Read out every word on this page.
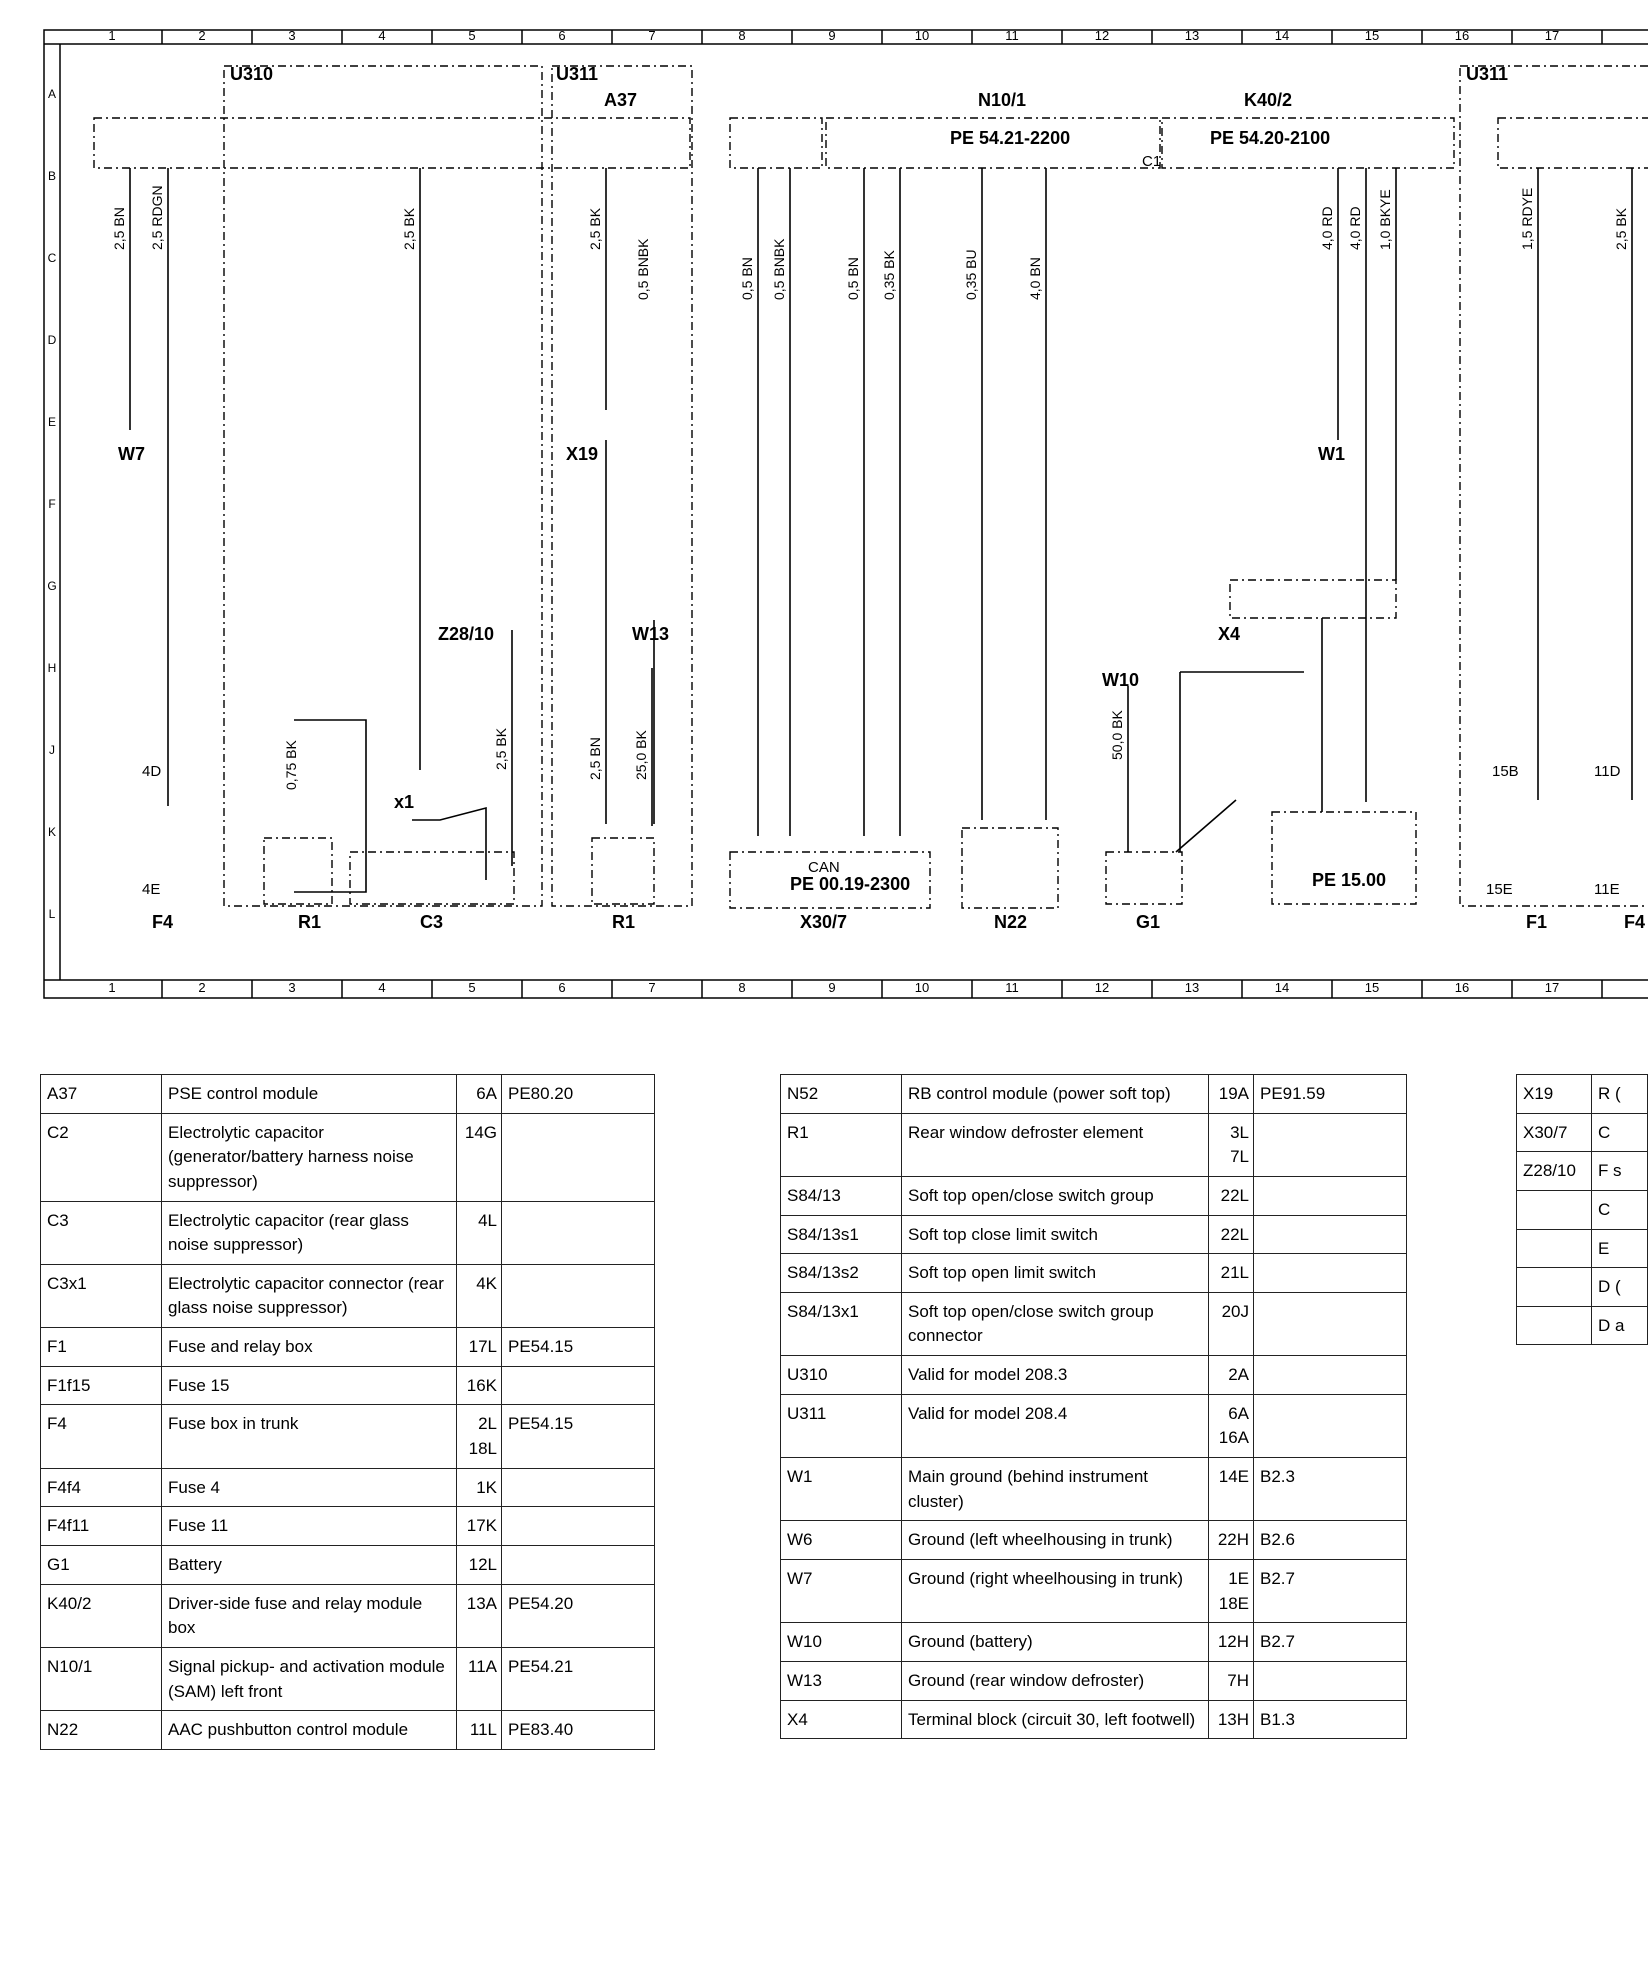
1
1
2
2
3
3
4
4
5
5
6
6
7
7
8
8
9
9
10
10
11
11
12
12
13
13
14
14
15
15
16
16
17
17
A
B
C
D
E
F
G
H
J
K
L
U310	U311	U311
A37	N10/1	K40/2
PE 54.21-2200	PE 54.20-2100
W7	W1
X19
Z28/10	W13
W10
X4
x1
F4	F4
F1
R1	R1
C3	X30/7	N22	G1
PE 15.00
PE 00.19-2300
CAN
C1
4D
4E
15B
15E
11D
11E
2,5 BN 2,5 RDGN	2,5 BK	2,5 BK
0,5 BNBK	0,5 BN 0,5 BNBK	0,5 BN 0,35 BK	0,35 BU	4,0 BN
4,0 RD 4,0 RD 1,0 BKYE	1,5 RDYE	2,5 BK
0,75 BK	2,5 BK	2,5 BN 25,0 BK	50,0 BK
A37	PSE control module	6A	PE80.20
C2	Electrolytic capacitor (generator/battery harness noise suppressor)	14G	
C3	Electrolytic capacitor (rear glass noise suppressor)	4L	
C3x1	Electrolytic capacitor connector (rear glass noise suppressor)	4K	
F1	Fuse and relay box	17L	PE54.15
F1f15	Fuse 15	16K	
F4	Fuse box in trunk	2L 18L	PE54.15
F4f4	Fuse 4	1K	
F4f11	Fuse 11	17K	
G1	Battery	12L	
K40/2	Driver-side fuse and relay module box	13A	PE54.20
N10/1	Signal pickup- and activation module (SAM) left front	11A	PE54.21
N22	AAC pushbutton control module	11L	PE83.40
N52	RB control module (power soft top)	19A	PE91.59
R1	Rear window defroster element	3L 7L	
S84/13	Soft top open/close switch group	22L	
S84/13s1	Soft top close limit switch	22L	
S84/13s2	Soft top open limit switch	21L	
S84/13x1	Soft top open/close switch group connector	20J	
U310	Valid for model 208.3	2A	
U311	Valid for model 208.4	6A 16A	
W1	Main ground (behind instrument cluster)	14E	B2.3
W6	Ground (left wheelhousing in trunk)	22H	B2.6
W7	Ground (right wheelhousing in trunk)	1E 18E	B2.7
W10	Ground (battery)	12H	B2.7
W13	Ground (rear window defroster)	7H	
X4	Terminal block (circuit 30, left footwell)	13H	B1.3
X19	R (
X30/7	C
Z28/10	F s
	C
	E
	D (
	D a
